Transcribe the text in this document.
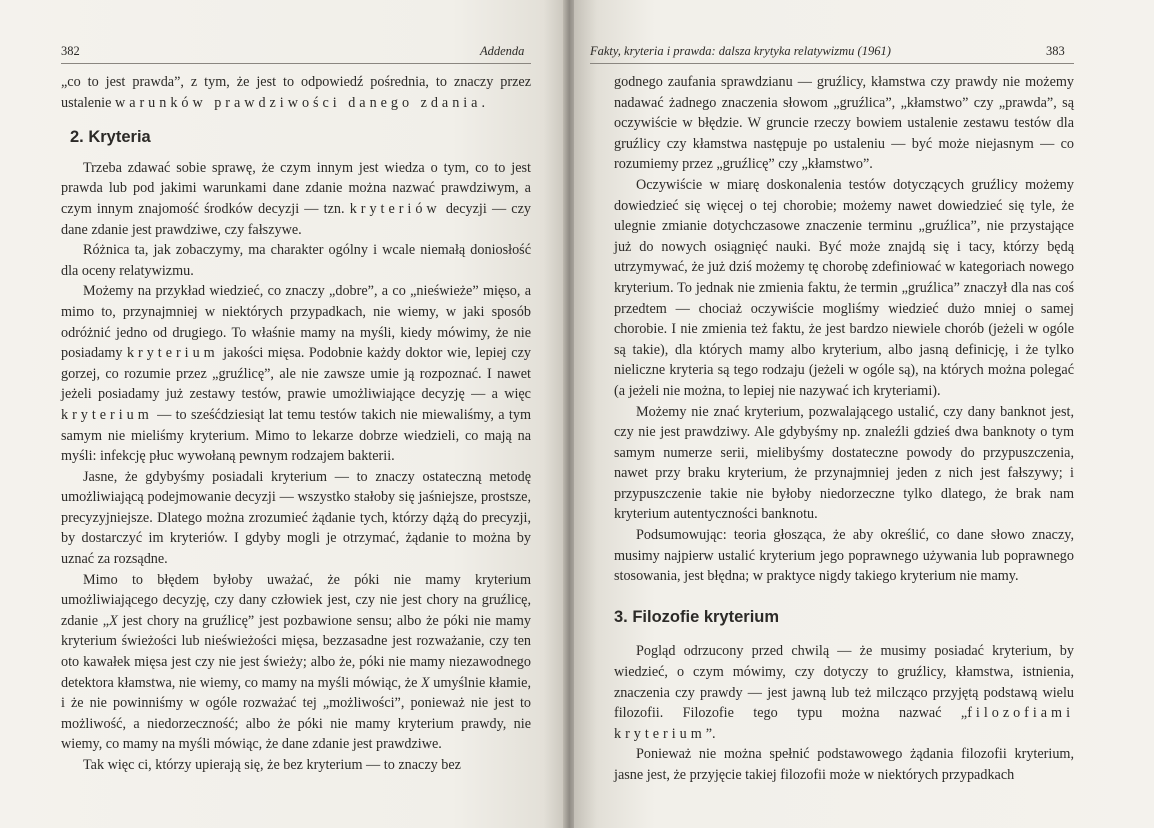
382	Addenda

„co to jest prawda”, z tym, że jest to odpowiedź pośrednia, to znaczy przez ustalenie warunków prawdziwości danego zdania.

2. Kryteria

Trzeba zdawać sobie sprawę, że czym innym jest wiedza o tym, co to jest prawda lub pod jakimi warunkami dane zdanie można nazwać prawdziwym, a czym innym znajomość środków decyzji — tzn. kryteriów decyzji — czy dane zdanie jest prawdziwe, czy fałszywe.

Różnica ta, jak zobaczymy, ma charakter ogólny i wcale niemałą doniosłość dla oceny relatywizmu.

Możemy na przykład wiedzieć, co znaczy „dobre”, a co „nieświeże” mięso, a mimo to, przynajmniej w niektórych przypadkach, nie wiemy, w jaki sposób odróżnić jedno od drugiego. To właśnie mamy na myśli, kiedy mówimy, że nie posiadamy kryterium jakości mięsa. Podobnie każdy doktor wie, lepiej czy gorzej, co rozumie przez „gruźlicę”, ale nie zawsze umie ją rozpoznać. I nawet jeżeli posiadamy już zestawy testów, prawie umożliwiające decyzję — a więc kryterium — to sześćdziesiąt lat temu testów takich nie miewaliśmy, a tym samym nie mieliśmy kryterium. Mimo to lekarze dobrze wiedzieli, co mają na myśli: infekcję płuc wywołaną pewnym rodzajem bakterii.

Jasne, że gdybyśmy posiadali kryterium — to znaczy ostateczną metodę umożliwiającą podejmowanie decyzji — wszystko stałoby się jaśniejsze, prostsze, precyzyjniejsze. Dlatego można zrozumieć żądanie tych, którzy dążą do precyzji, by dostarczyć im kryteriów. I gdyby mogli je otrzymać, żądanie to można by uznać za rozsądne.

Mimo to błędem byłoby uważać, że póki nie mamy kryterium umożliwiającego decyzję, czy dany człowiek jest, czy nie jest chory na gruźlicę, zdanie „X jest chory na gruźlicę” jest pozbawione sensu; albo że póki nie mamy kryterium świeżości lub nieświeżości mięsa, bezzasadne jest rozważanie, czy ten oto kawałek mięsa jest czy nie jest świeży; albo że, póki nie mamy niezawodnego detektora kłamstwa, nie wiemy, co mamy na myśli mówiąc, że X umyślnie kłamie, i że nie powinniśmy w ogóle rozważać tej „możliwości”, ponieważ nie jest to możliwość, a niedorzeczność; albo że póki nie mamy kryterium prawdy, nie wiemy, co mamy na myśli mówiąc, że dane zdanie jest prawdziwe.

Tak więc ci, którzy upierają się, że bez kryterium — to znaczy bez

Fakty, kryteria i prawda: dalsza krytyka relatywizmu (1961)	383

godnego zaufania sprawdzianu — gruźlicy, kłamstwa czy prawdy nie możemy nadawać żadnego znaczenia słowom „gruźlica”, „kłamstwo” czy „prawda”, są oczywiście w błędzie. W gruncie rzeczy bowiem ustalenie zestawu testów dla gruźlicy czy kłamstwa następuje po ustaleniu — być może niejasnym — co rozumiemy przez „gruźlicę” czy „kłamstwo”.

Oczywiście w miarę doskonalenia testów dotyczących gruźlicy możemy dowiedzieć się więcej o tej chorobie; możemy nawet dowiedzieć się tyle, że ulegnie zmianie dotychczasowe znaczenie terminu „gruźlica”, nie przystające już do nowych osiągnięć nauki. Być może znajdą się i tacy, którzy będą utrzymywać, że już dziś możemy tę chorobę zdefiniować w kategoriach nowego kryterium. To jednak nie zmienia faktu, że termin „gruźlica” znaczył dla nas coś przedtem — chociaż oczywiście mogliśmy wiedzieć dużo mniej o samej chorobie. I nie zmienia też faktu, że jest bardzo niewiele chorób (jeżeli w ogóle są takie), dla których mamy albo kryterium, albo jasną definicję, i że tylko nieliczne kryteria są tego rodzaju (jeżeli w ogóle są), na których można polegać (a jeżeli nie można, to lepiej nie nazywać ich kryteriami).

Możemy nie znać kryterium, pozwalającego ustalić, czy dany banknot jest, czy nie jest prawdziwy. Ale gdybyśmy np. znaleźli gdzieś dwa banknoty o tym samym numerze serii, mielibyśmy dostateczne powody do przypuszczenia, nawet przy braku kryterium, że przynajmniej jeden z nich jest fałszywy; i przypuszczenie takie nie byłoby niedorzeczne tylko dlatego, że brak nam kryterium autentyczności banknotu.

Podsumowując: teoria głosząca, że aby określić, co dane słowo znaczy, musimy najpierw ustalić kryterium jego poprawnego używania lub poprawnego stosowania, jest błędna; w praktyce nigdy takiego kryterium nie mamy.

3. Filozofie kryterium

Pogląd odrzucony przed chwilą — że musimy posiadać kryterium, by wiedzieć, o czym mówimy, czy dotyczy to gruźlicy, kłamstwa, istnienia, znaczenia czy prawdy — jest jawną lub też milcząco przyjętą podstawą wielu filozofii. Filozofie tego typu można nazwać „filozofiami kryterium”.

Ponieważ nie można spełnić podstawowego żądania filozofii kryterium, jasne jest, że przyjęcie takiej filozofii może w niektórych przypadkach
